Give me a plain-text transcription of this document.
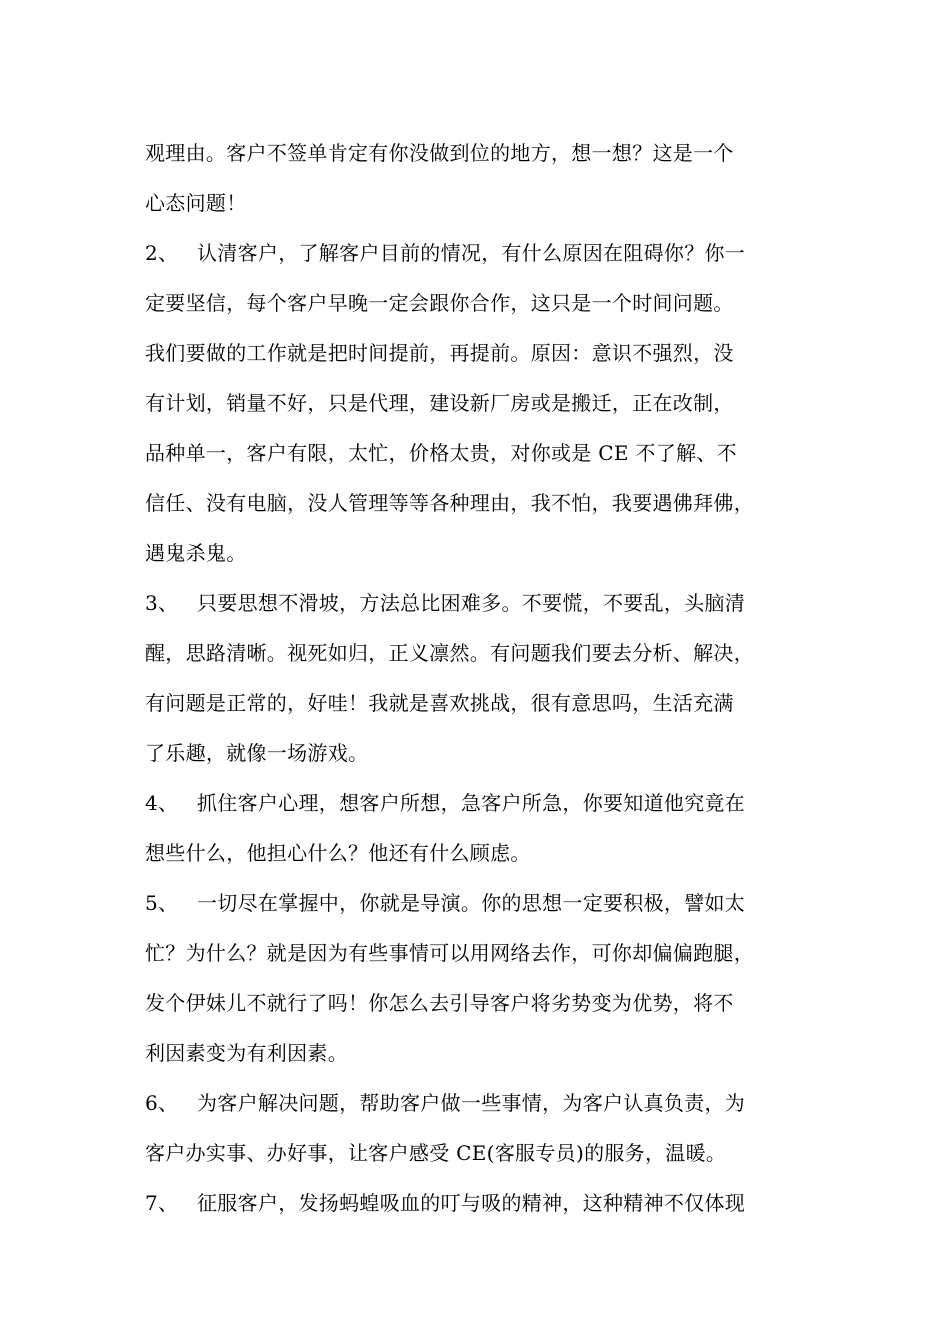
观理由。客户不签单肯定有你没做到位的地方，想一想？这是一个
心态问题！
2、 认清客户，了解客户目前的情况，有什么原因在阻碍你？你一
定要坚信，每个客户早晚一定会跟你合作，这只是一个时间问题。
我们要做的工作就是把时间提前，再提前。原因：意识不强烈，没
有计划，销量不好，只是代理，建设新厂房或是搬迁，正在改制，
品种单一，客户有限，太忙，价格太贵，对你或是 CE 不了解、不
信任、没有电脑，没人管理等等各种理由，我不怕，我要遇佛拜佛，
遇鬼杀鬼。
3、 只要思想不滑坡，方法总比困难多。不要慌，不要乱，头脑清
醒，思路清晰。视死如归，正义凛然。有问题我们要去分析、解决，
有问题是正常的，好哇！我就是喜欢挑战，很有意思吗，生活充满
了乐趣，就像一场游戏。
4、 抓住客户心理，想客户所想，急客户所急，你要知道他究竟在
想些什么，他担心什么？他还有什么顾虑。
5、 一切尽在掌握中，你就是导演。你的思想一定要积极，譬如太
忙？为什么？就是因为有些事情可以用网络去作，可你却偏偏跑腿，
发个伊妹儿不就行了吗！你怎么去引导客户将劣势变为优势，将不
利因素变为有利因素。
6、 为客户解决问题，帮助客户做一些事情，为客户认真负责，为
客户办实事、办好事，让客户感受 CE(客服专员)的服务，温暖。
7、 征服客户，发扬蚂蝗吸血的叮与吸的精神，这种精神不仅体现
